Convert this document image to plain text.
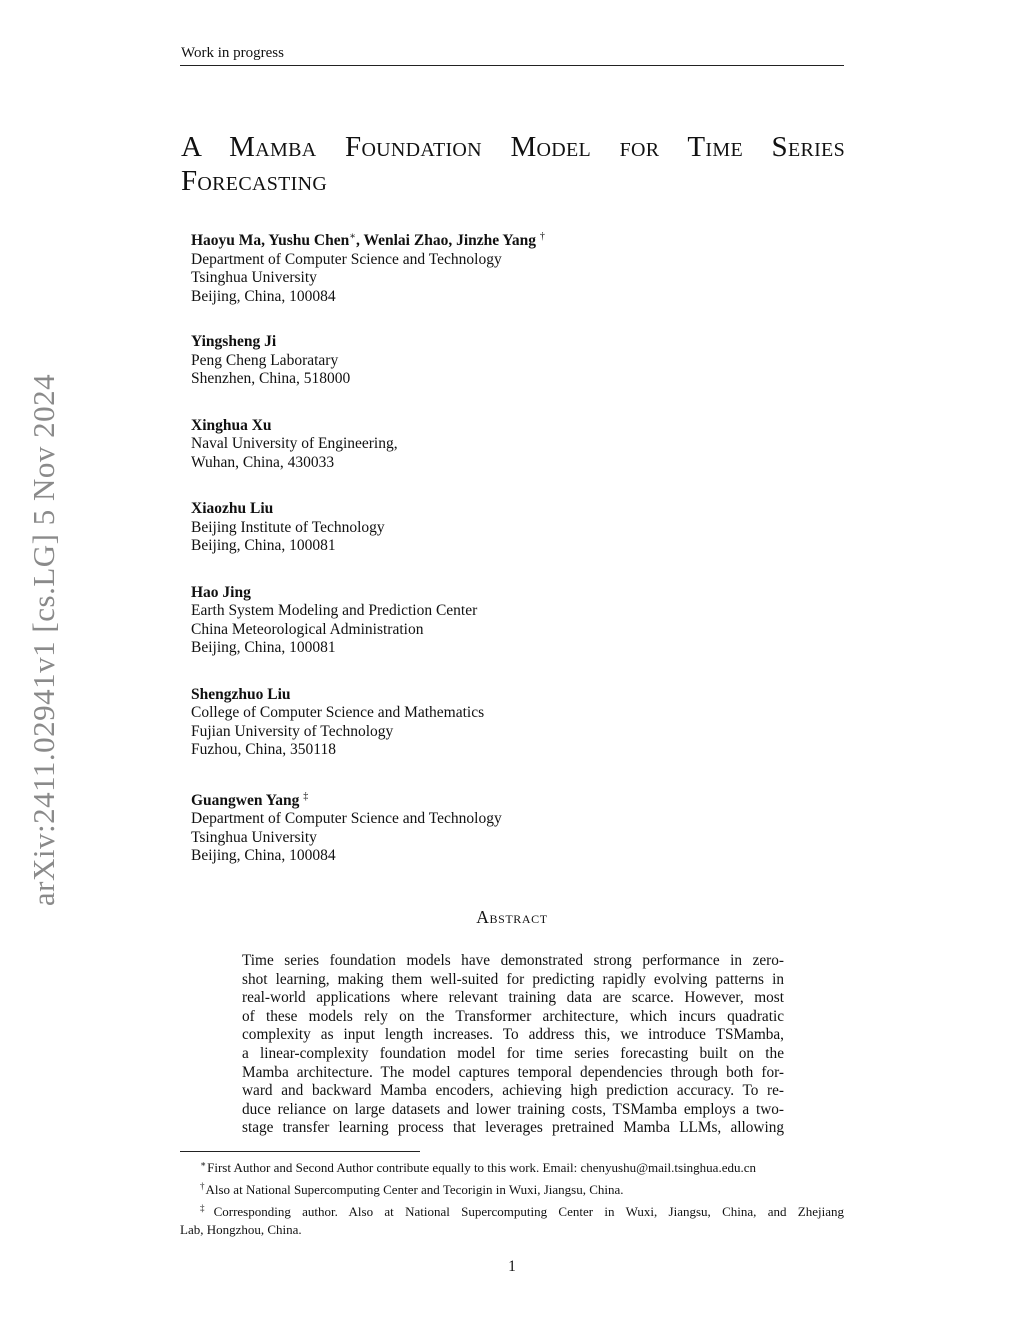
Work in progress
arXiv:2411.02941v1 [cs.LG] 5 Nov 2024
A Mamba Foundation Model for Time Series
Forecasting
Haoyu Ma, Yushu Chen∗, Wenlai Zhao, Jinzhe Yang †
Department of Computer Science and Technology
Tsinghua University
Beijing, China, 100084
Yingsheng Ji
Peng Cheng Laboratary
Shenzhen, China, 518000
Xinghua Xu
Naval University of Engineering,
Wuhan, China, 430033
Xiaozhu Liu
Beijing Institute of Technology
Beijing, China, 100081
Hao Jing
Earth System Modeling and Prediction Center
China Meteorological Administration
Beijing, China, 100081
Shengzhuo Liu
College of Computer Science and Mathematics
Fujian University of Technology
Fuzhou, China, 350118
Guangwen Yang ‡
Department of Computer Science and Technology
Tsinghua University
Beijing, China, 100084
Abstract
Time series foundation models have demonstrated strong performance in zero-
shot learning, making them well-suited for predicting rapidly evolving patterns in
real-world applications where relevant training data are scarce. However, most
of these models rely on the Transformer architecture, which incurs quadratic
complexity as input length increases. To address this, we introduce TSMamba,
a linear-complexity foundation model for time series forecasting built on the
Mamba architecture. The model captures temporal dependencies through both for-
ward and backward Mamba encoders, achieving high prediction accuracy. To re-
duce reliance on large datasets and lower training costs, TSMamba employs a two-
stage transfer learning process that leverages pretrained Mamba LLMs, allowing
∗First Author and Second Author contribute equally to this work. Email: chenyushu@mail.tsinghua.edu.cn
†Also at National Supercomputing Center and Tecorigin in Wuxi, Jiangsu, China.
‡Corresponding author. Also at National Supercomputing Center in Wuxi, Jiangsu, China, and Zhejiang
Lab, Hongzhou, China.
1
